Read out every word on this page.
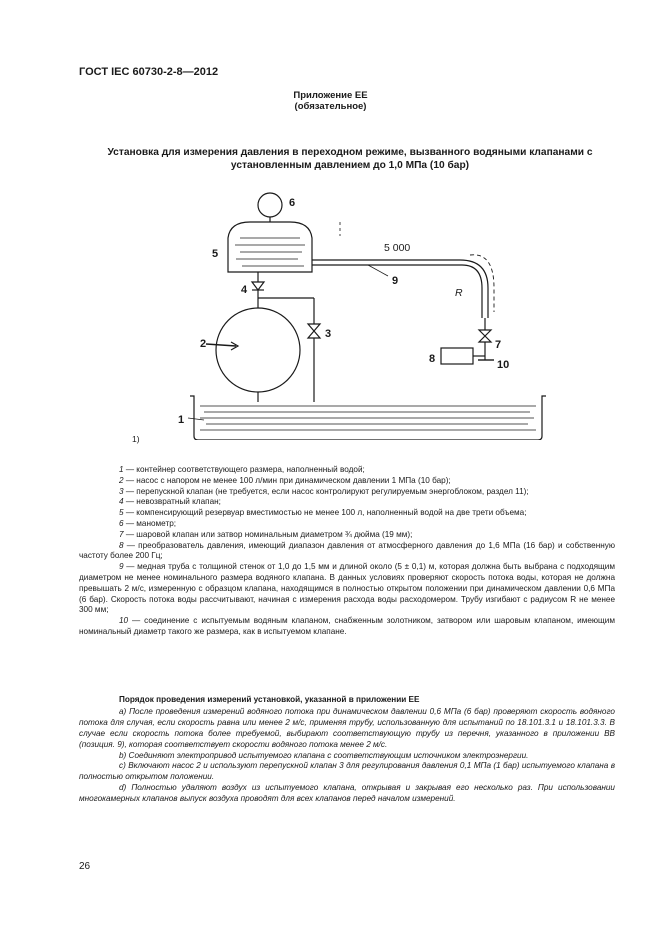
ГОСТ IEC 60730-2-8—2012
Приложение ЕЕ
(обязательное)
Установка для измерения давления в переходном режиме, вызванного водяными клапанами с установленным давлением до 1,0 МПа (10 бар)
6
5
4
2
3
1
9
7
8	10
5 000
R
1)

1 — контейнер соответствующего размера, наполненный водой;

2 — насос с напором не менее 100 л/мин при динамическом давлении 1 МПа (10 бар);

3 — перепускной клапан (не требуется, если насос контролируют регулируемым энергоблоком, раздел 11);

4 — невозвратный клапан;

5 — компенсирующий резервуар вместимостью не менее 100 л, наполненный водой на две трети объема;

6 — манометр;

7 — шаровой клапан или затвор номинальным диаметром ¾ дюйма (19 мм);

8 — преобразователь давления, имеющий диапазон давления от атмосферного давления до 1,6 МПа (16 бар) и собственную частоту более 200 Гц;

9 — медная труба с толщиной стенок от 1,0 до 1,5 мм и длиной около (5 ± 0,1) м, которая должна быть выбрана с подходящим диаметром не менее номинального размера водяного клапана. В данных условиях проверяют скорость потока воды, которая не должна превышать 2 м/с, измеренную с образцом клапана, находящимся в полностью открытом положении при динамическом давлении 0,6 МПа (6 бар). Скорость потока воды рассчитывают, начиная с измерения расхода воды расходомером. Трубу изгибают с радиусом R не менее 300 мм;

10 — соединение с испытуемым водяным клапаном, снабженным золотником, затвором или шаровым клапаном, имеющим номинальный диаметр такого же размера, как в испытуемом клапане.

Порядок проведения измерений установкой, указанной в приложении ЕЕ

a) После проведения измерений водяного потока при динамическом давлении 0,6 МПа (6 бар) проверяют скорость водяного потока для случая, если скорость равна или менее 2 м/с, применяя трубу, использованную для испытаний по 18.101.3.1 и 18.101.3.3. В случае если скорость потока более требуемой, выбирают соответствующую трубу из перечня, указанного в приложении ВВ (позиция. 9), которая соответствует скорости водяного потока менее 2 м/с.

b) Соединяют электропривод испытуемого клапана с соответствующим источником электроэнергии.

c) Включают насос 2 и используют перепускной клапан 3 для регулирования давления 0,1 МПа (1 бар) испытуемого клапана в полностью открытом положении.

d) Полностью удаляют воздух из испытуемого клапана, открывая и закрывая его несколько раз. При использовании многокамерных клапанов выпуск воздуха проводят для всех клапанов перед началом измерений.

26
